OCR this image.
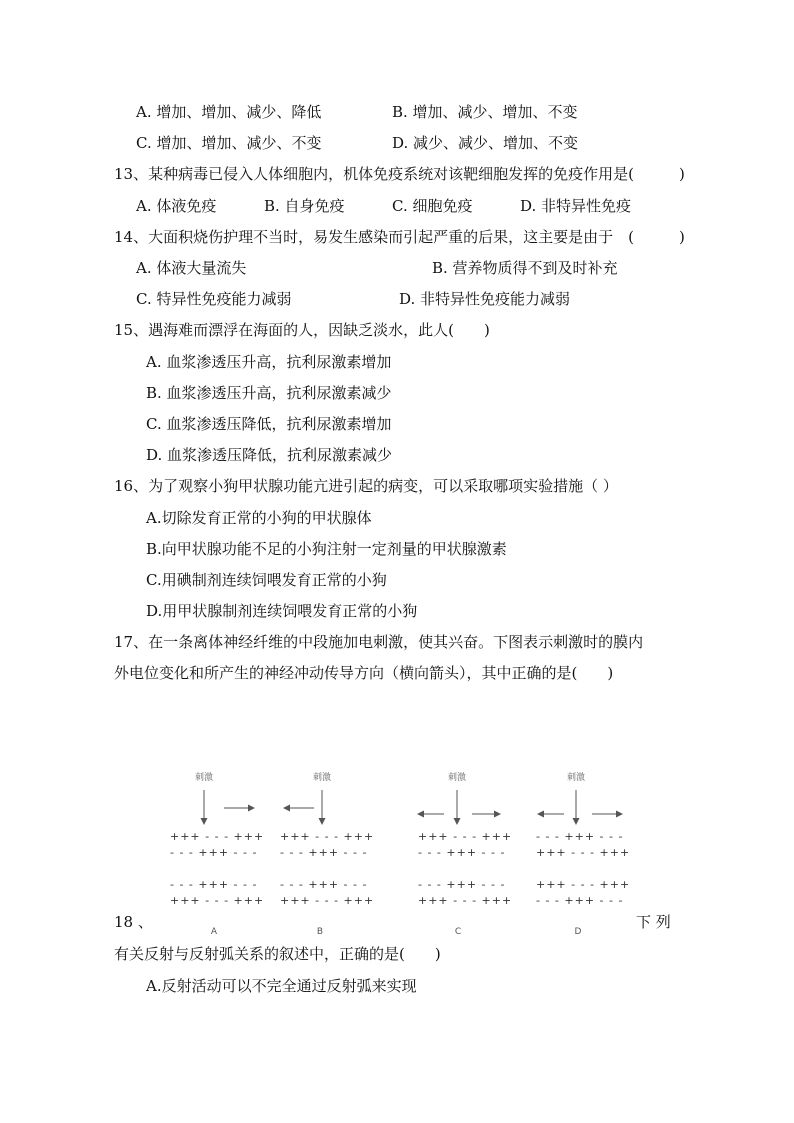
A. 增加、增加、减少、降低	B. 增加、减少、增加、不变
C. 增加、增加、减少、不变	D. 减少、减少、增加、不变
13、某种病毒已侵入人体细胞内，机体免疫系统对该靶细胞发挥的免疫作用是(　　　)
A. 体液免疫	B. 自身免疫	C. 细胞免疫	D. 非特异性免疫
14、大面积烧伤护理不当时，易发生感染而引起严重的后果，这主要是由于　(　　　)
A. 体液大量流失	B. 营养物质得不到及时补充
C. 特异性免疫能力减弱	D. 非特异性免疫能力减弱
15、遇海难而漂浮在海面的人，因缺乏淡水，此人(　　)
A. 血浆渗透压升高，抗利尿激素增加
B. 血浆渗透压升高，抗利尿激素减少
C. 血浆渗透压降低，抗利尿激素增加
D. 血浆渗透压降低，抗利尿激素减少
16、为了观察小狗甲状腺功能亢进引起的病变，可以采取哪项实验措施（ ）
A.切除发育正常的小狗的甲状腺体
B.向甲状腺功能不足的小狗注射一定剂量的甲状腺激素
C.用碘制剂连续饲喂发育正常的小狗
D.用甲状腺制剂连续饲喂发育正常的小狗
17、在一条离体神经纤维的中段施加电刺激，使其兴奋。下图表示刺激时的膜内
外电位变化和所产生的神经冲动传导方向（横向箭头），其中正确的是(　　)
刺激
+++ - - - +++
- - - +++ - - -
- - - +++ - - -
+++ - - - +++
A
刺激
+++ - - - +++
- - - +++ - - -
- - - +++ - - -
+++ - - - +++
B
刺激
+++ - - - +++
- - - +++ - - -
- - - +++ - - -
+++ - - - +++
C
刺激
- - - +++ - - -
+++ - - - +++
+++ - - - +++
- - - +++ - - -
D
18 、	下 列
有关反射与反射弧关系的叙述中，正确的是(　　)
A.反射活动可以不完全通过反射弧来实现
